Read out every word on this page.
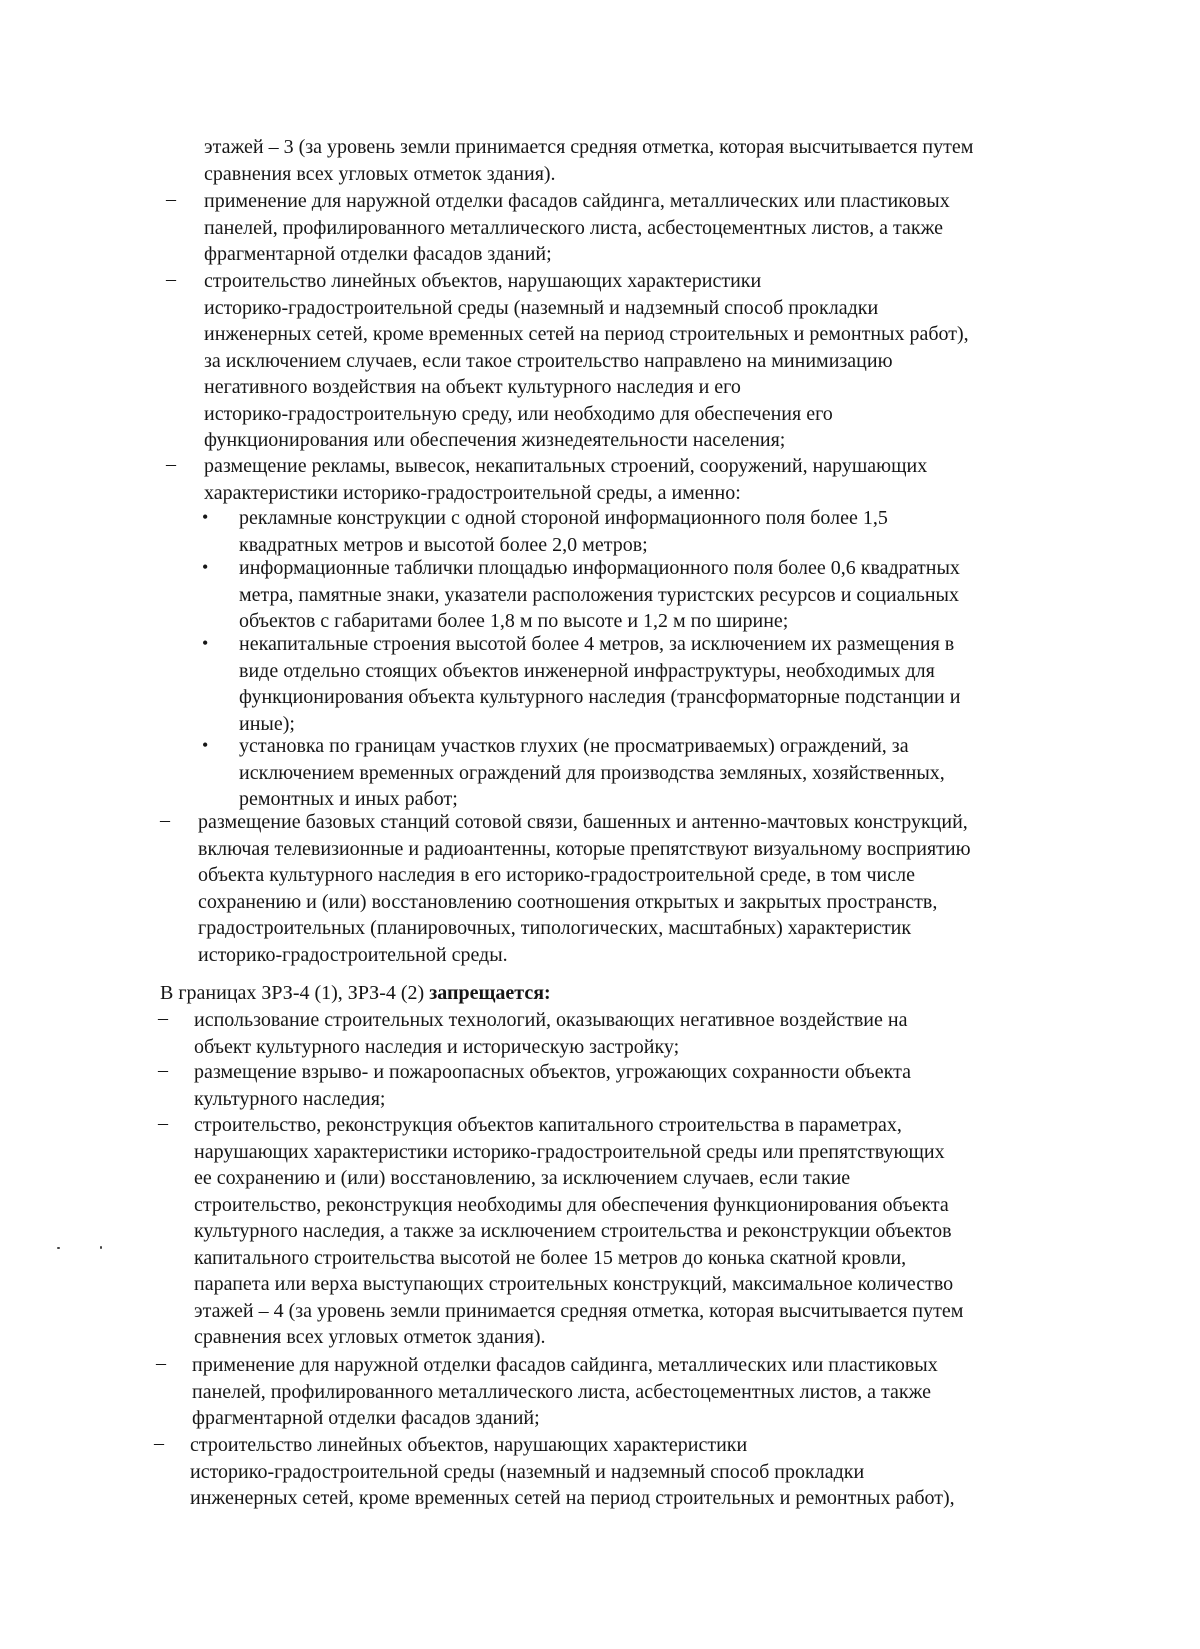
этажей – 3 (за уровень земли принимается средняя отметка, которая высчитывается путем
сравнения всех угловых отметок здания).
– применение для наружной отделки фасадов сайдинга, металлических или пластиковых
панелей, профилированного металлического листа, асбестоцементных листов, а также
фрагментарной отделки фасадов зданий;
– строительство линейных объектов, нарушающих характеристики
историко-градостроительной среды (наземный и надземный способ прокладки
инженерных сетей, кроме временных сетей на период строительных и ремонтных работ),
за исключением случаев, если такое строительство направлено на минимизацию
негативного воздействия на объект культурного наследия и его
историко-градостроительную среду, или необходимо для обеспечения его
функционирования или обеспечения жизнедеятельности населения;
– размещение рекламы, вывесок, некапитальных строений, сооружений, нарушающих
характеристики историко-градостроительной среды, а именно:
• рекламные конструкции с одной стороной информационного поля более 1,5
квадратных метров и высотой более 2,0 метров;
• информационные таблички площадью информационного поля более 0,6 квадратных
метра, памятные знаки, указатели расположения туристских ресурсов и социальных
объектов с габаритами более 1,8 м по высоте и 1,2 м по ширине;
• некапитальные строения высотой более 4 метров, за исключением их размещения в
виде отдельно стоящих объектов инженерной инфраструктуры, необходимых для
функционирования объекта культурного наследия (трансформаторные подстанции и
иные);
• установка по границам участков глухих (не просматриваемых) ограждений, за
исключением временных ограждений для производства земляных, хозяйственных,
ремонтных и иных работ;
– размещение базовых станций сотовой связи, башенных и антенно-мачтовых конструкций,
включая телевизионные и радиоантенны, которые препятствуют визуальному восприятию
объекта культурного наследия в его историко-градостроительной среде, в том числе
сохранению и (или) восстановлению соотношения открытых и закрытых пространств,
градостроительных (планировочных, типологических, масштабных) характеристик
историко-градостроительной среды.
В границах ЗРЗ-4 (1), ЗРЗ-4 (2) запрещается:
– использование строительных технологий, оказывающих негативное воздействие на
объект культурного наследия и историческую застройку;
– размещение взрыво- и пожароопасных объектов, угрожающих сохранности объекта
культурного наследия;
– строительство, реконструкция объектов капитального строительства в параметрах,
нарушающих характеристики историко-градостроительной среды или препятствующих
ее сохранению и (или) восстановлению, за исключением случаев, если такие
строительство, реконструкция необходимы для обеспечения функционирования объекта
культурного наследия, а также за исключением строительства и реконструкции объектов
капитального строительства высотой не более 15 метров до конька скатной кровли,
парапета или верха выступающих строительных конструкций, максимальное количество
этажей – 4 (за уровень земли принимается средняя отметка, которая высчитывается путем
сравнения всех угловых отметок здания).
– применение для наружной отделки фасадов сайдинга, металлических или пластиковых
панелей, профилированного металлического листа, асбестоцементных листов, а также
фрагментарной отделки фасадов зданий;
– строительство линейных объектов, нарушающих характеристики
историко-градостроительной среды (наземный и надземный способ прокладки
инженерных сетей, кроме временных сетей на период строительных и ремонтных работ),
